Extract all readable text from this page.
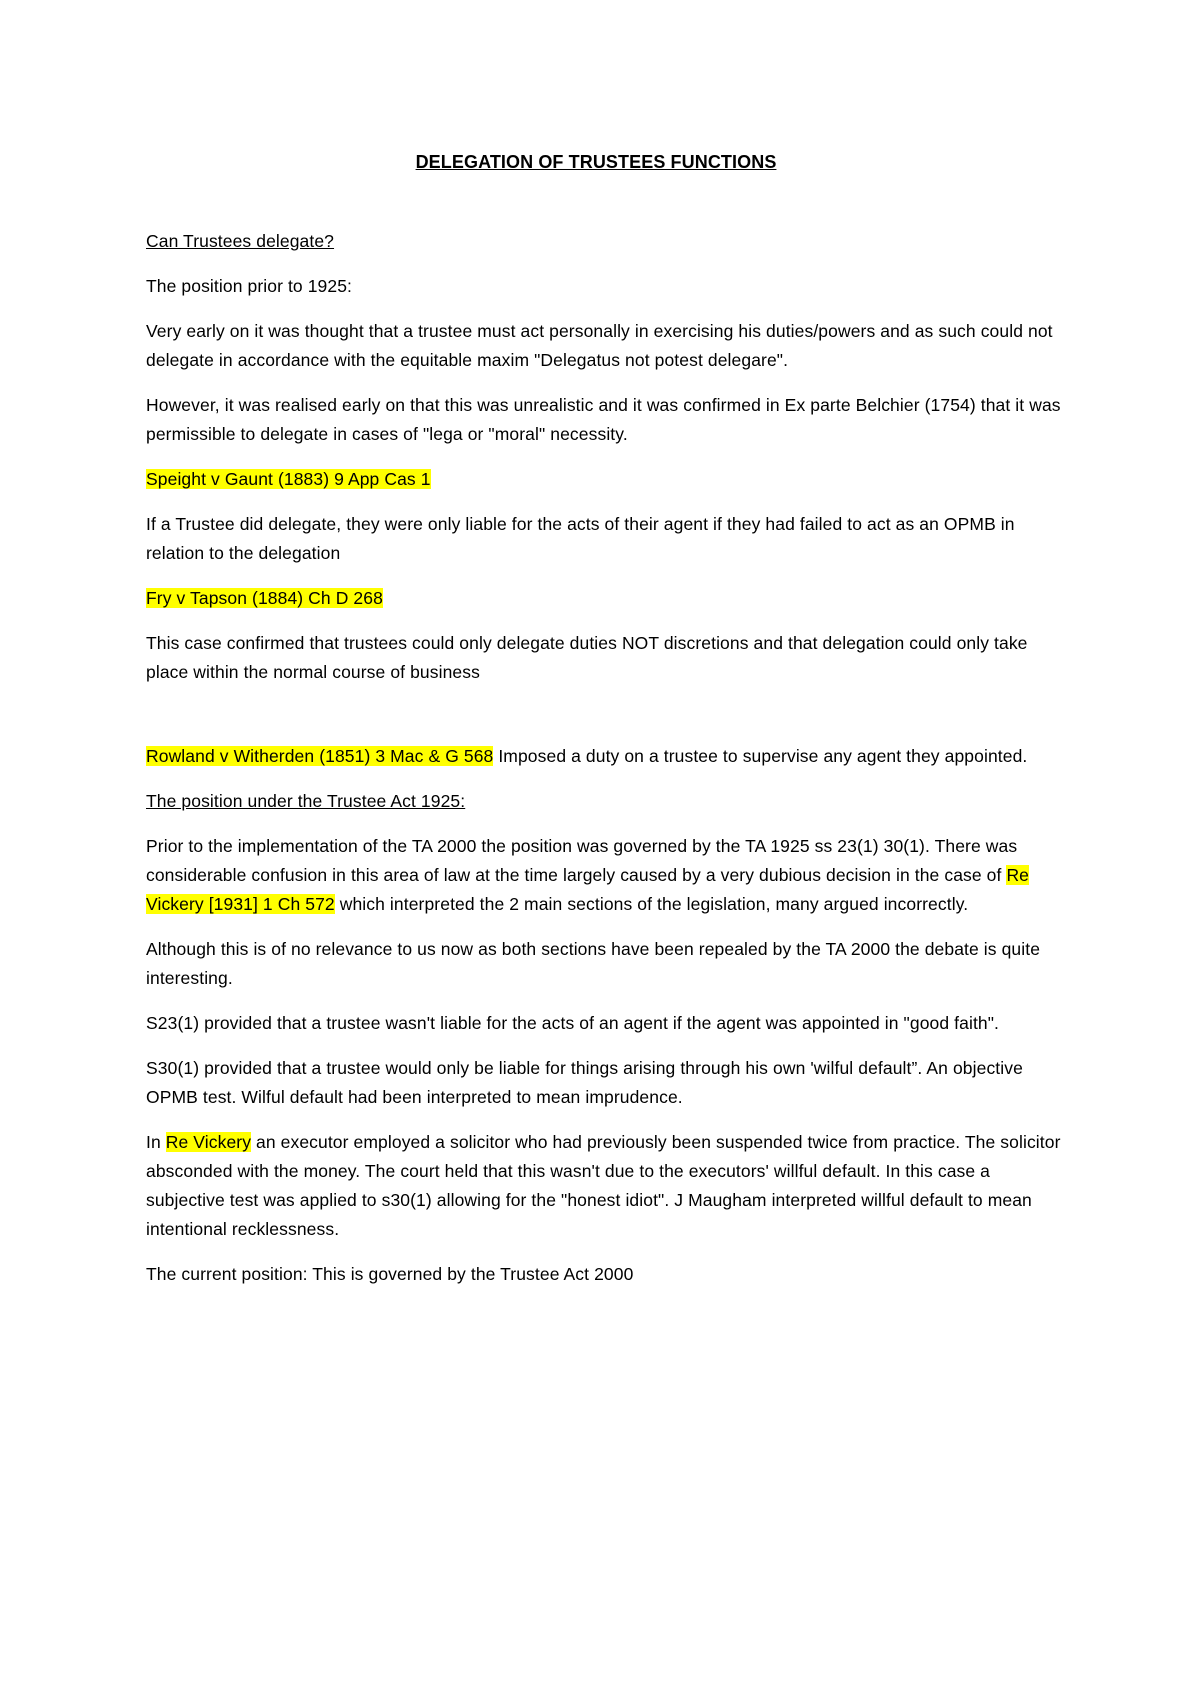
DELEGATION OF TRUSTEES FUNCTIONS

Can Trustees delegate?

The position prior to 1925:

Very early on it was thought that a trustee must act personally in exercising his duties/powers and as such could not delegate in accordance with the equitable maxim "Delegatus not potest delegare".

However, it was realised early on that this was unrealistic and it was confirmed in Ex parte Belchier (1754) that it was permissible to delegate in cases of "lega or "moral" necessity.

Speight v Gaunt (1883) 9 App Cas 1

If a Trustee did delegate, they were only liable for the acts of their agent if they had failed to act as an OPMB in relation to the delegation

Fry v Tapson (1884) Ch D 268

This case confirmed that trustees could only delegate duties NOT discretions and that delegation could only take place within the normal course of business

Rowland v Witherden (1851) 3 Mac & G 568 Imposed a duty on a trustee to supervise any agent they appointed.

The position under the Trustee Act 1925:

Prior to the implementation of the TA 2000 the position was governed by the TA 1925 ss 23(1) 30(1). There was considerable confusion in this area of law at the time largely caused by a very dubious decision in the case of Re Vickery [1931] 1 Ch 572 which interpreted the 2 main sections of the legislation, many argued incorrectly.

Although this is of no relevance to us now as both sections have been repealed by the TA 2000 the debate is quite interesting.

S23(1) provided that a trustee wasn't liable for the acts of an agent if the agent was appointed in "good faith".

S30(1) provided that a trustee would only be liable for things arising through his own 'wilful default”. An objective OPMB test. Wilful default had been interpreted to mean imprudence.

In Re Vickery an executor employed a solicitor who had previously been suspended twice from practice. The solicitor absconded with the money. The court held that this wasn't due to the executors' willful default. In this case a subjective test was applied to s30(1) allowing for the "honest idiot". J Maugham interpreted willful default to mean intentional recklessness.

The current position: This is governed by the Trustee Act 2000
